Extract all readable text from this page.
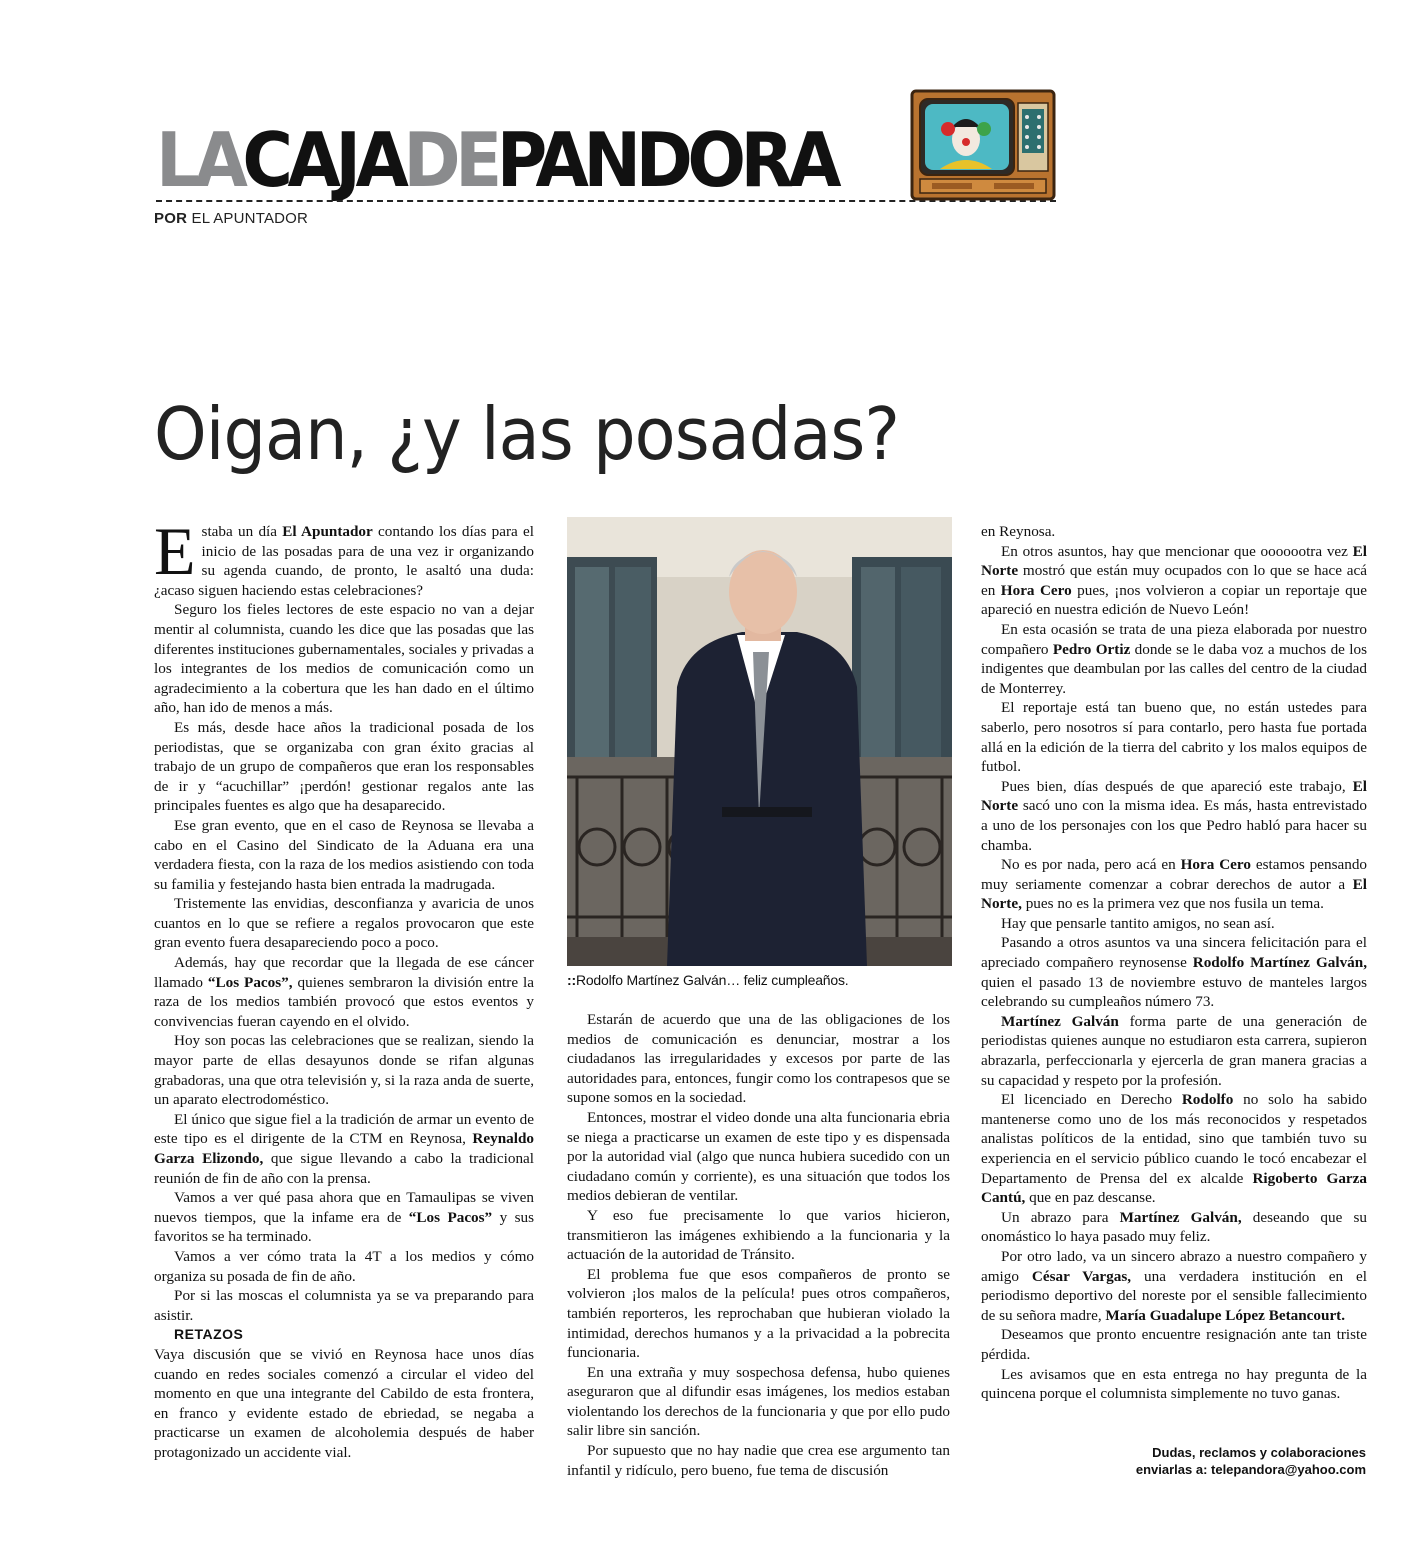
LACAJADEPANDORA
POR EL APUNTADOR
Oigan, ¿y las posadas?

Estaba un día El Apuntador contando los días para el inicio de las posadas para de una vez ir organizando su agenda cuando, de pronto, le asaltó una duda: ¿acaso siguen haciendo estas celebraciones?

Seguro los fieles lectores de este espacio no van a dejar mentir al columnista, cuando les dice que las posadas que las diferentes instituciones gubernamentales, sociales y privadas a los integrantes de los medios de comunicación como un agradecimiento a la cobertura que les han dado en el último año, han ido de menos a más.

Es más, desde hace años la tradicional posada de los periodistas, que se organizaba con gran éxito gracias al trabajo de un grupo de compañeros que eran los responsables de ir y “acuchillar” ¡perdón! gestionar regalos ante las principales fuentes es algo que ha desaparecido.

Ese gran evento, que en el caso de Reynosa se llevaba a cabo en el Casino del Sindicato de la Aduana era una verdadera fiesta, con la raza de los medios asistiendo con toda su familia y festejando hasta bien entrada la madrugada.

Tristemente las envidias, desconfianza y avaricia de unos cuantos en lo que se refiere a regalos provocaron que este gran evento fuera desapareciendo poco a poco.

Además, hay que recordar que la llegada de ese cáncer llamado “Los Pacos”, quienes sembraron la división entre la raza de los medios también provocó que estos eventos y convivencias fueran cayendo en el olvido.

Hoy son pocas las celebraciones que se realizan, siendo la mayor parte de ellas desayunos donde se rifan algunas grabadoras, una que otra televisión y, si la raza anda de suerte, un aparato electrodoméstico.

El único que sigue fiel a la tradición de armar un evento de este tipo es el dirigente de la CTM en Reynosa, Reynaldo Garza Elizondo, que sigue llevando a cabo la tradicional reunión de fin de año con la prensa.

Vamos a ver qué pasa ahora que en Tamaulipas se viven nuevos tiempos, que la infame era de “Los Pacos” y sus favoritos se ha terminado.

Vamos a ver cómo trata la 4T a los medios y cómo organiza su posada de fin de año.

Por si las moscas el columnista ya se va preparando para asistir.

RETAZOS

Vaya discusión que se vivió en Reynosa hace unos días cuando en redes sociales comenzó a circular el video del momento en que una integrante del Cabildo de esta frontera, en franco y evidente estado de ebriedad, se negaba a practicarse un examen de alcoholemia después de haber protagonizado un accidente vial.

::Rodolfo Martínez Galván… feliz cumpleaños.

Estarán de acuerdo que una de las obligaciones de los medios de comunicación es denunciar, mostrar a los ciudadanos las irregularidades y excesos por parte de las autoridades para, entonces, fungir como los contrapesos que se supone somos en la sociedad.

Entonces, mostrar el video donde una alta funcionaria ebria se niega a practicarse un examen de este tipo y es dispensada por la autoridad vial (algo que nunca hubiera sucedido con un ciudadano común y corriente), es una situación que todos los medios debieran de ventilar.

Y eso fue precisamente lo que varios hicieron, transmitieron las imágenes exhibiendo a la funcionaria y la actuación de la autoridad de Tránsito.

El problema fue que esos compañeros de pronto se volvieron ¡los malos de la película! pues otros compañeros, también reporteros, les reprochaban que hubieran violado la intimidad, derechos humanos y a la privacidad a la pobrecita funcionaria.

En una extraña y muy sospechosa defensa, hubo quienes aseguraron que al difundir esas imágenes, los medios estaban violentando los derechos de la funcionaria y que por ello pudo salir libre sin sanción.

Por supuesto que no hay nadie que crea ese argumento tan infantil y ridículo, pero bueno, fue tema de discusión

en Reynosa.

En otros asuntos, hay que mencionar que ooooootra vez El Norte mostró que están muy ocupados con lo que se hace acá en Hora Cero pues, ¡nos volvieron a copiar un reportaje que apareció en nuestra edición de Nuevo León!

En esta ocasión se trata de una pieza elaborada por nuestro compañero Pedro Ortiz donde se le daba voz a muchos de los indigentes que deambulan por las calles del centro de la ciudad de Monterrey.

El reportaje está tan bueno que, no están ustedes para saberlo, pero nosotros sí para contarlo, pero hasta fue portada allá en la edición de la tierra del cabrito y los malos equipos de futbol.

Pues bien, días después de que apareció este trabajo, El Norte sacó uno con la misma idea. Es más, hasta entrevistado a uno de los personajes con los que Pedro habló para hacer su chamba.

No es por nada, pero acá en Hora Cero estamos pensando muy seriamente comenzar a cobrar derechos de autor a El Norte, pues no es la primera vez que nos fusila un tema.

Hay que pensarle tantito amigos, no sean así.

Pasando a otros asuntos va una sincera felicitación para el apreciado compañero reynosense Rodolfo Martínez Galván, quien el pasado 13 de noviembre estuvo de manteles largos celebrando su cumpleaños número 73.

Martínez Galván forma parte de una generación de periodistas quienes aunque no estudiaron esta carrera, supieron abrazarla, perfeccionarla y ejercerla de gran manera gracias a su capacidad y respeto por la profesión.

El licenciado en Derecho Rodolfo no solo ha sabido mantenerse como uno de los más reconocidos y respetados analistas políticos de la entidad, sino que también tuvo su experiencia en el servicio público cuando le tocó encabezar el Departamento de Prensa del ex alcalde Rigoberto Garza Cantú, que en paz descanse.

Un abrazo para Martínez Galván, deseando que su onomástico lo haya pasado muy feliz.

Por otro lado, va un sincero abrazo a nuestro compañero y amigo César Vargas, una verdadera institución en el periodismo deportivo del noreste por el sensible fallecimiento de su señora madre, María Guadalupe López Betancourt.

Deseamos que pronto encuentre resignación ante tan triste pérdida.

Les avisamos que en esta entrega no hay pregunta de la quincena porque el columnista simplemente no tuvo ganas.

Dudas, reclamos y colaboraciones
enviarlas a: telepandora@yahoo.com
